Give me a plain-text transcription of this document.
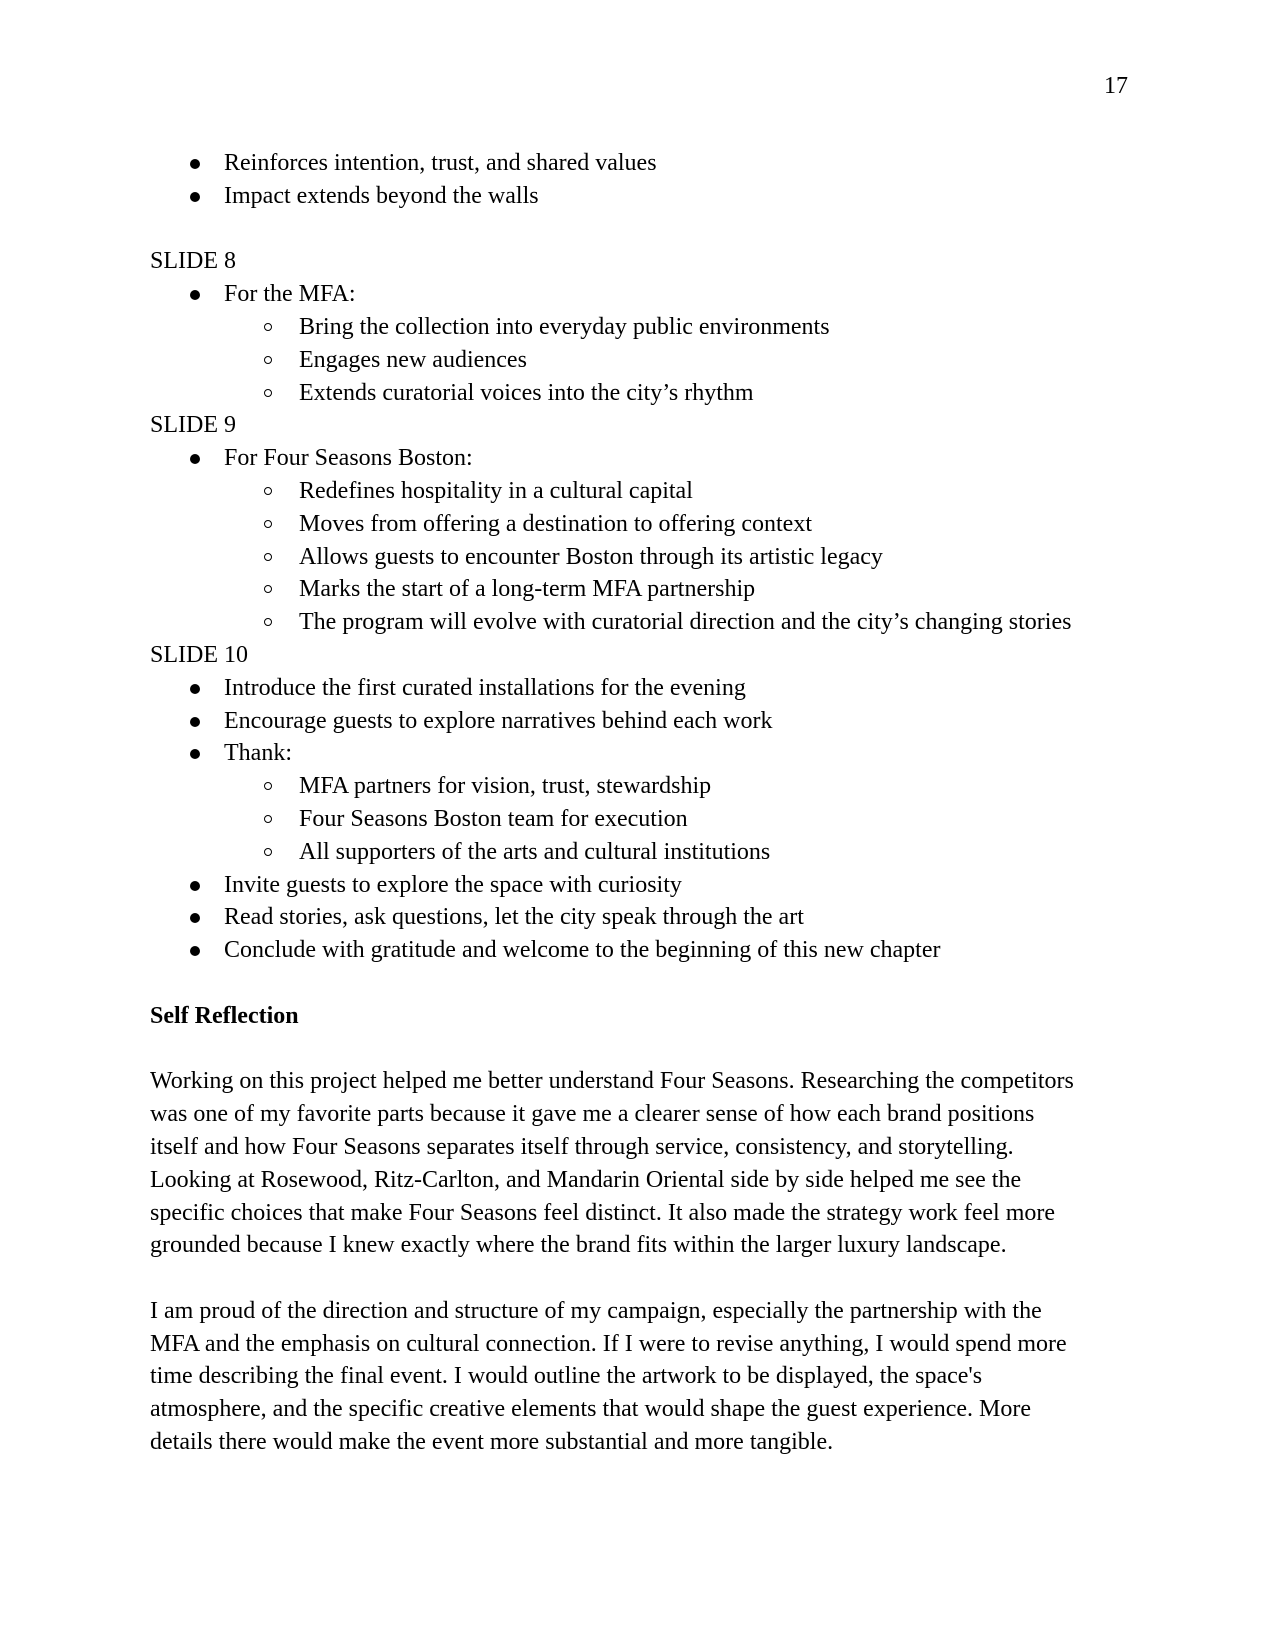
17
Reinforces intention, trust, and shared values
Impact extends beyond the walls
SLIDE 8
For the MFA:
Bring the collection into everyday public environments
Engages new audiences
Extends curatorial voices into the city’s rhythm
SLIDE 9
For Four Seasons Boston:
Redefines hospitality in a cultural capital
Moves from offering a destination to offering context
Allows guests to encounter Boston through its artistic legacy
Marks the start of a long-term MFA partnership
The program will evolve with curatorial direction and the city’s changing stories
SLIDE 10
Introduce the first curated installations for the evening
Encourage guests to explore narratives behind each work
Thank:
MFA partners for vision, trust, stewardship
Four Seasons Boston team for execution
All supporters of the arts and cultural institutions
Invite guests to explore the space with curiosity
Read stories, ask questions, let the city speak through the art
Conclude with gratitude and welcome to the beginning of this new chapter
Self Reflection
Working on this project helped me better understand Four Seasons. Researching the competitors
was one of my favorite parts because it gave me a clearer sense of how each brand positions
itself and how Four Seasons separates itself through service, consistency, and storytelling.
Looking at Rosewood, Ritz-Carlton, and Mandarin Oriental side by side helped me see the
specific choices that make Four Seasons feel distinct. It also made the strategy work feel more
grounded because I knew exactly where the brand fits within the larger luxury landscape.
I am proud of the direction and structure of my campaign, especially the partnership with the
MFA and the emphasis on cultural connection. If I were to revise anything, I would spend more
time describing the final event. I would outline the artwork to be displayed, the space's
atmosphere, and the specific creative elements that would shape the guest experience. More
details there would make the event more substantial and more tangible.
